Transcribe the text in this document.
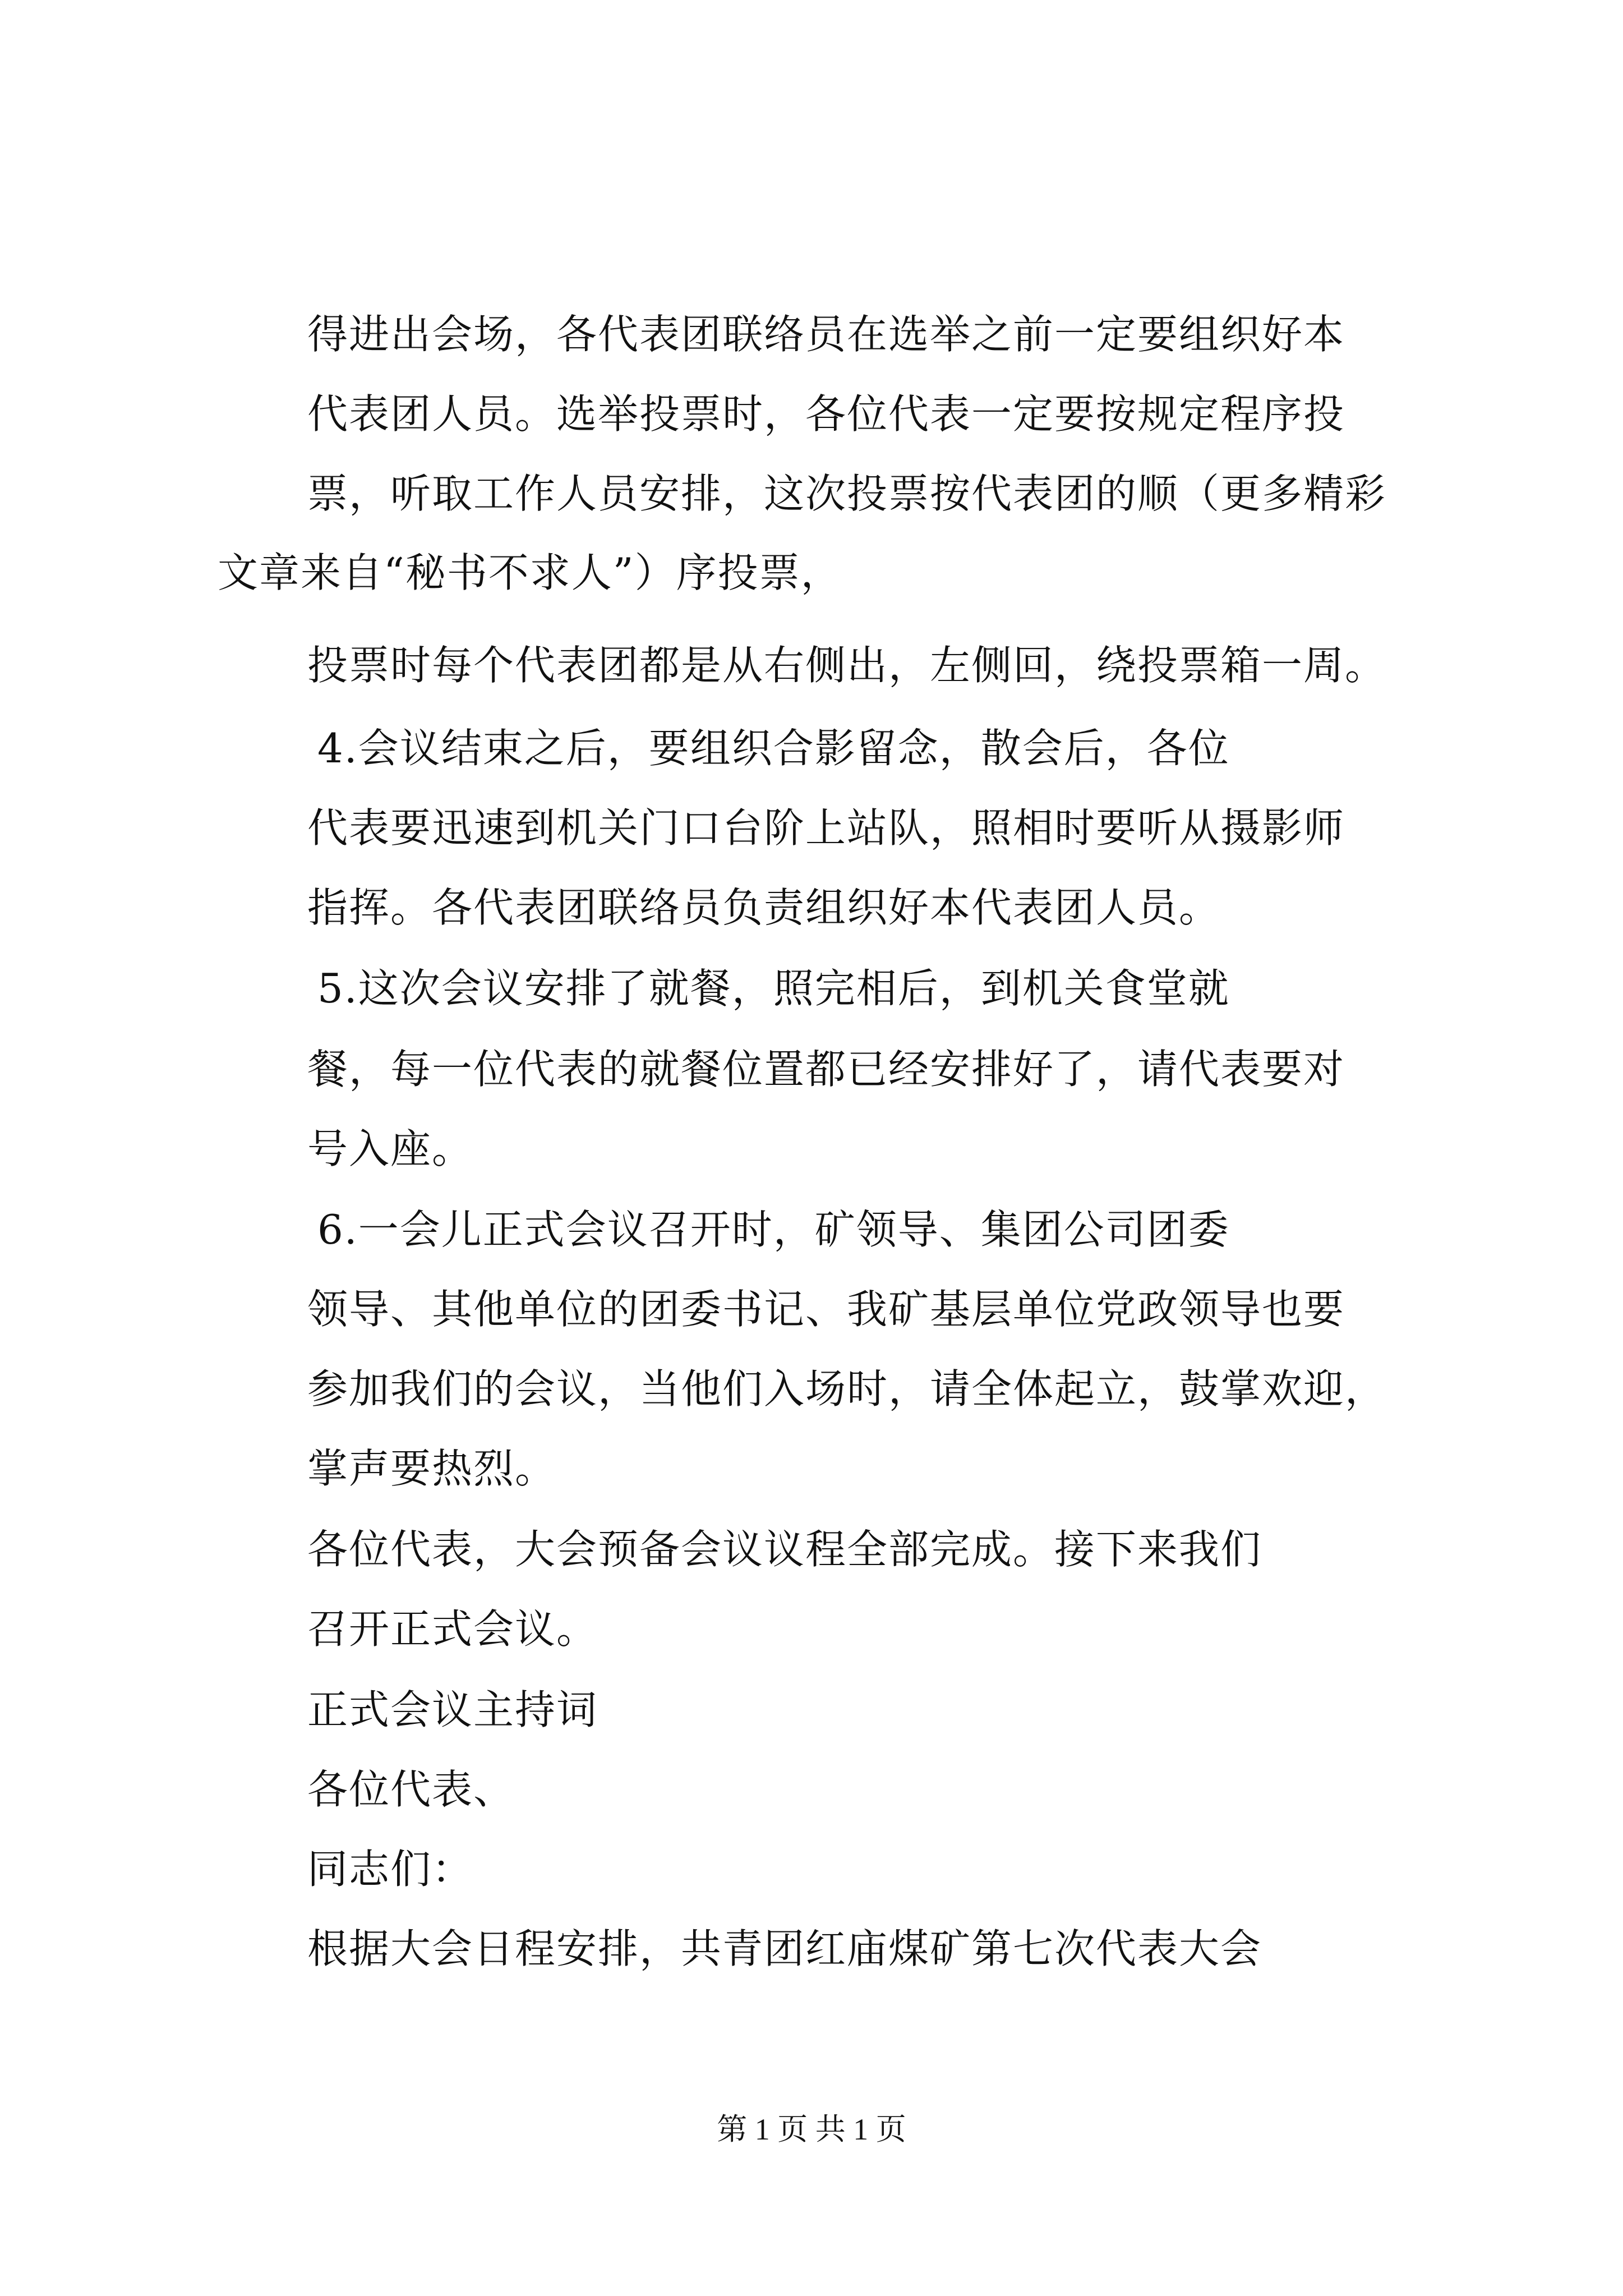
得进出会场，各代表团联络员在选举之前一定要组织好本
代表团人员。选举投票时，各位代表一定要按规定程序投
票，听取工作人员安排，这次投票按代表团的顺（更多精彩
文章来自“秘书不求人”）序投票，
投票时每个代表团都是从右侧出，左侧回，绕投票箱一周。
4.会议结束之后，要组织合影留念，散会后，各位
代表要迅速到机关门口台阶上站队，照相时要听从摄影师
指挥。各代表团联络员负责组织好本代表团人员。
5.这次会议安排了就餐，照完相后，到机关食堂就
餐，每一位代表的就餐位置都已经安排好了，请代表要对
号入座。
6.一会儿正式会议召开时，矿领导、集团公司团委
领导、其他单位的团委书记、我矿基层单位党政领导也要
参加我们的会议，当他们入场时，请全体起立，鼓掌欢迎，
掌声要热烈。
各位代表，大会预备会议议程全部完成。接下来我们
召开正式会议。
正式会议主持词
各位代表、
同志们：
根据大会日程安排，共青团红庙煤矿第七次代表大会
第 1 页 共 1 页
